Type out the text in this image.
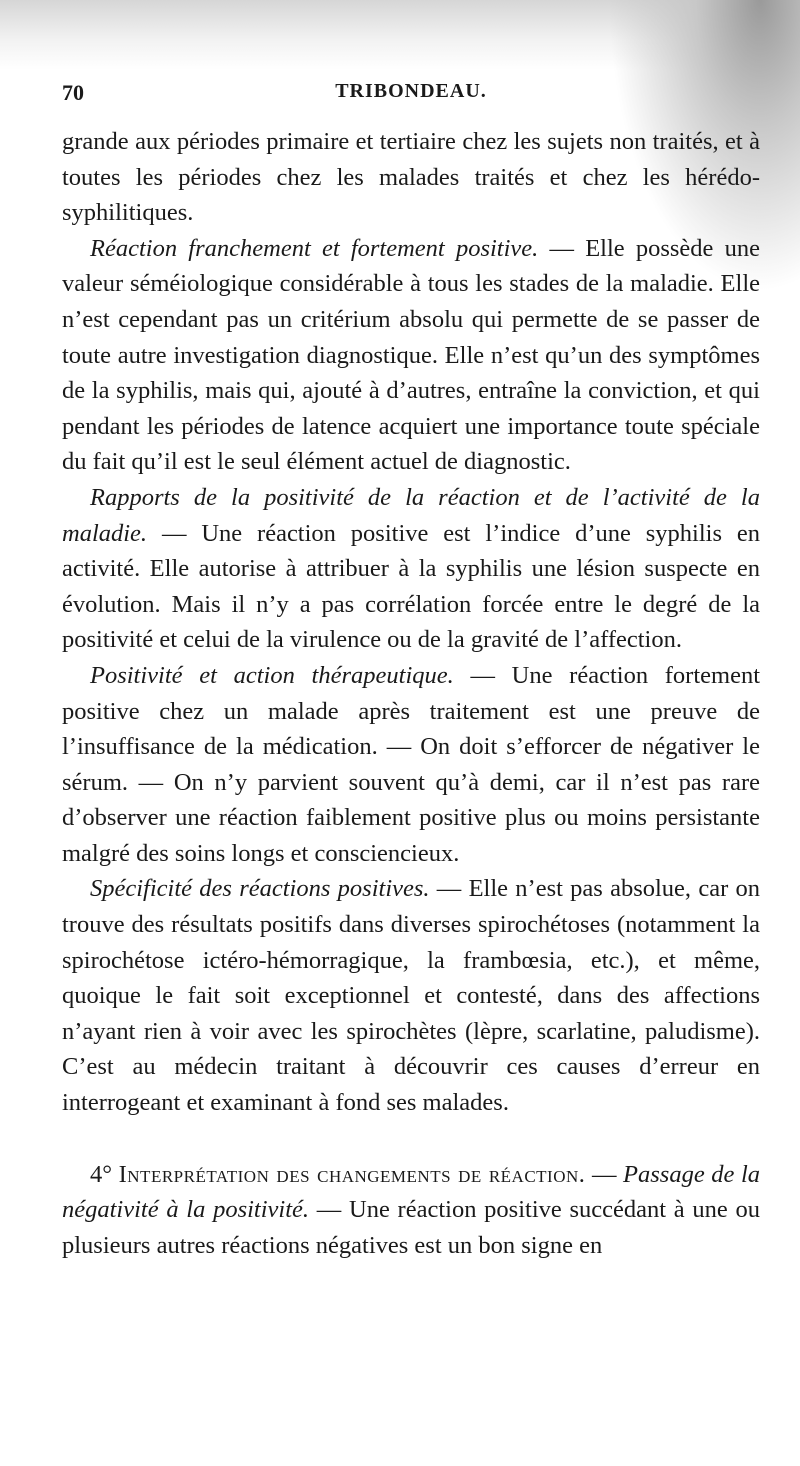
70	TRIBONDEAU.

grande aux périodes primaire et tertiaire chez les sujets non traités, et à toutes les périodes chez les malades traités et chez les hérédo-syphilitiques.

Réaction franchement et fortement positive. — Elle possède une valeur séméiologique considérable à tous les stades de la maladie. Elle n’est cependant pas un critérium absolu qui permette de se passer de toute autre investigation diagnostique. Elle n’est qu’un des symptômes de la syphilis, mais qui, ajouté à d’autres, entraîne la conviction, et qui pendant les périodes de latence acquiert une importance toute spéciale du fait qu’il est le seul élément actuel de diagnostic.

Rapports de la positivité de la réaction et de l’activité de la maladie. — Une réaction positive est l’indice d’une syphilis en activité. Elle autorise à attribuer à la syphilis une lésion suspecte en évolution. Mais il n’y a pas corrélation forcée entre le degré de la positivité et celui de la virulence ou de la gravité de l’affection.

Positivité et action thérapeutique. — Une réaction fortement positive chez un malade après traitement est une preuve de l’insuffisance de la médication. — On doit s’efforcer de négativer le sérum. — On n’y parvient souvent qu’à demi, car il n’est pas rare d’observer une réaction faiblement positive plus ou moins persistante malgré des soins longs et consciencieux.

Spécificité des réactions positives. — Elle n’est pas absolue, car on trouve des résultats positifs dans diverses spirochétoses (notamment la spirochétose ictéro-hémorragique, la frambœsia, etc.), et même, quoique le fait soit exceptionnel et contesté, dans des affections n’ayant rien à voir avec les spirochètes (lèpre, scarlatine, paludisme). C’est au médecin traitant à découvrir ces causes d’erreur en interrogeant et examinant à fond ses malades.

4° Interprétation des changements de réaction. — Passage de la négativité à la positivité. — Une réaction positive succédant à une ou plusieurs autres réactions négatives est un bon signe en
